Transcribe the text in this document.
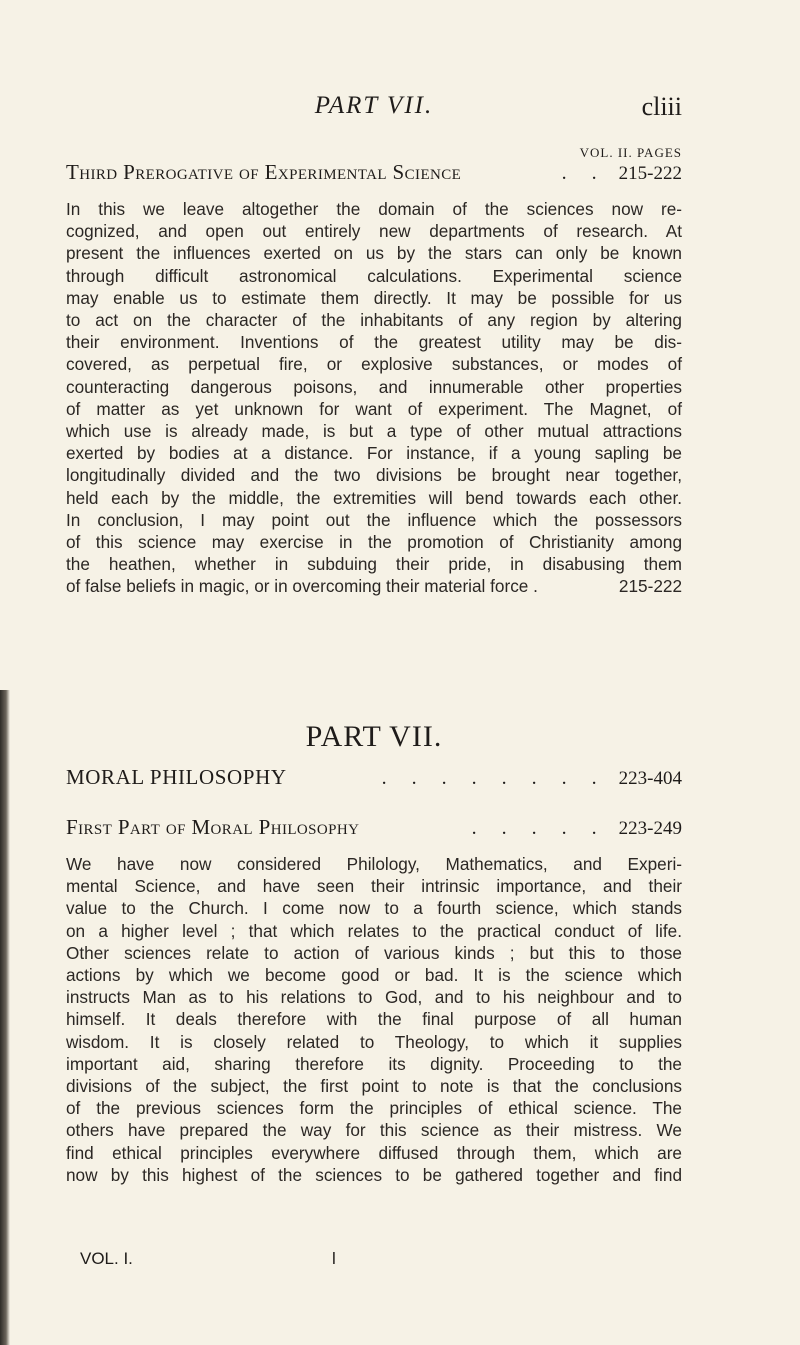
PART VII.	cliii
VOL. II. PAGES
Third Prerogative of Experimental Science	. . 215-222
In this we leave altogether the domain of the sciences now re-
cognized, and open out entirely new departments of research. At
present the influences exerted on us by the stars can only be known
through difficult astronomical calculations. Experimental science
may enable us to estimate them directly. It may be possible for us
to act on the character of the inhabitants of any region by altering
their environment. Inventions of the greatest utility may be dis-
covered, as perpetual fire, or explosive substances, or modes of
counteracting dangerous poisons, and innumerable other properties
of matter as yet unknown for want of experiment. The Magnet, of
which use is already made, is but a type of other mutual attractions
exerted by bodies at a distance. For instance, if a young sapling be
longitudinally divided and the two divisions be brought near together,
held each by the middle, the extremities will bend towards each other.
In conclusion, I may point out the influence which the possessors
of this science may exercise in the promotion of Christianity among
the heathen, whether in subduing their pride, in disabusing them
of false beliefs in magic, or in overcoming their material force .	215-222
PART VII.
MORAL PHILOSOPHY	. . . . . . . . 223-404
First Part of Moral Philosophy	. . . . . 223-249
We have now considered Philology, Mathematics, and Experi-
mental Science, and have seen their intrinsic importance, and their
value to the Church. I come now to a fourth science, which stands
on a higher level ; that which relates to the practical conduct of life.
Other sciences relate to action of various kinds ; but this to those
actions by which we become good or bad. It is the science which
instructs Man as to his relations to God, and to his neighbour and to
himself. It deals therefore with the final purpose of all human
wisdom. It is closely related to Theology, to which it supplies
important aid, sharing therefore its dignity. Proceeding to the
divisions of the subject, the first point to note is that the conclusions
of the previous sciences form the principles of ethical science. The
others have prepared the way for this science as their mistress. We
find ethical principles everywhere diffused through them, which are
now by this highest of the sciences to be gathered together and find
VOL. I.	l
